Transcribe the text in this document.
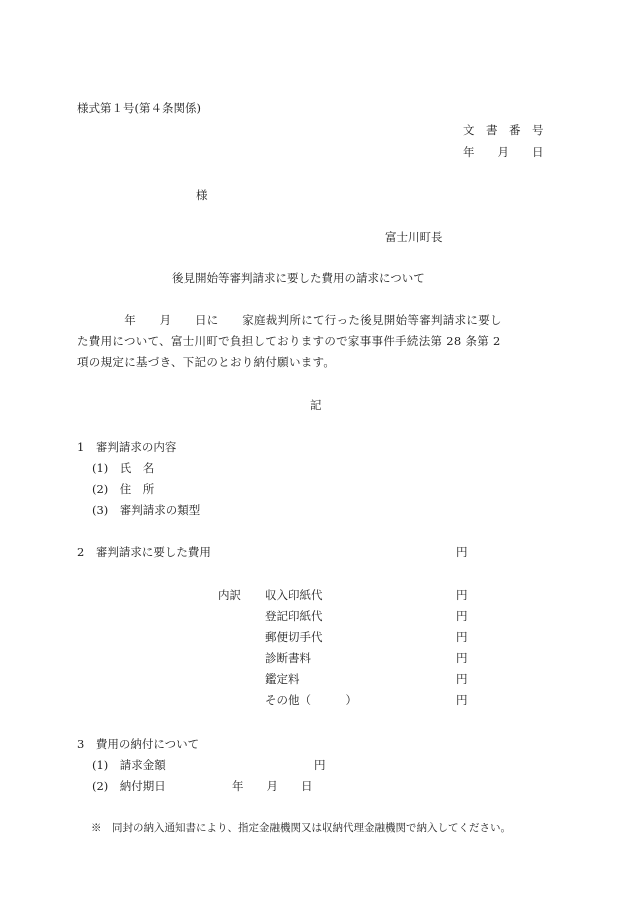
様式第１号(第４条関係)
文　書　番　号
年　　月　　日
様
富士川町長
後見開始等審判請求に要した費用の請求について
　　　　年　　月　　日に　　家庭裁判所にて行った後見開始等審判請求に要し
た費用について、富士川町で負担しておりますので家事事件手続法第 28 条第 2
項の規定に基づき、下記のとおり納付願います。
記
1　審判請求の内容
(1)　氏　名
(2)　住　所
(3)　審判請求の類型
2　審判請求に要した費用	円
内訳 収入印紙代	円
登記印紙代	円
郵便切手代	円
診断書料	円
鑑定料	円
その他（　　　）	円
3　費用の納付について
(1)　請求金額	円
(2)　納付期日	年　　月　　日
※　同封の納入通知書により、指定金融機関又は収納代理金融機関で納入してください。
